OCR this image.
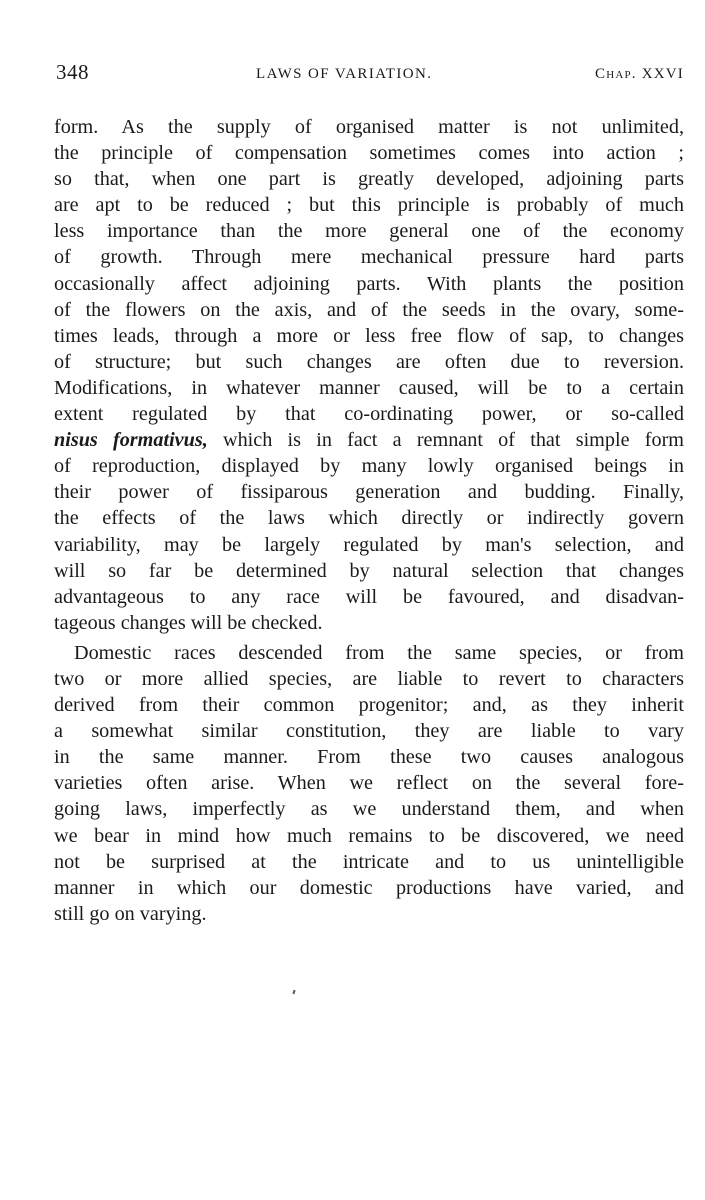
348	LAWS OF VARIATION.	Chap. XXVI
form. As the supply of organised matter is not unlimited,
the principle of compensation sometimes comes into action ;
so that, when one part is greatly developed, adjoining parts
are apt to be reduced ; but this principle is probably of much
less importance than the more general one of the economy
of growth. Through mere mechanical pressure hard parts
occasionally affect adjoining parts. With plants the position
of the flowers on the axis, and of the seeds in the ovary, some-
times leads, through a more or less free flow of sap, to changes
of structure; but such changes are often due to reversion.
Modifications, in whatever manner caused, will be to a certain
extent regulated by that co-ordinating power, or so-called
nisus formativus, which is in fact a remnant of that simple form
of reproduction, displayed by many lowly organised beings in
their power of fissiparous generation and budding. Finally,
the effects of the laws which directly or indirectly govern
variability, may be largely regulated by man's selection, and
will so far be determined by natural selection that changes
advantageous to any race will be favoured, and disadvan-
tageous changes will be checked.
Domestic races descended from the same species, or from
two or more allied species, are liable to revert to characters
derived from their common progenitor; and, as they inherit
a somewhat similar constitution, they are liable to vary
in the same manner. From these two causes analogous
varieties often arise. When we reflect on the several fore-
going laws, imperfectly as we understand them, and when
we bear in mind how much remains to be discovered, we need
not be surprised at the intricate and to us unintelligible
manner in which our domestic productions have varied, and
still go on varying.
